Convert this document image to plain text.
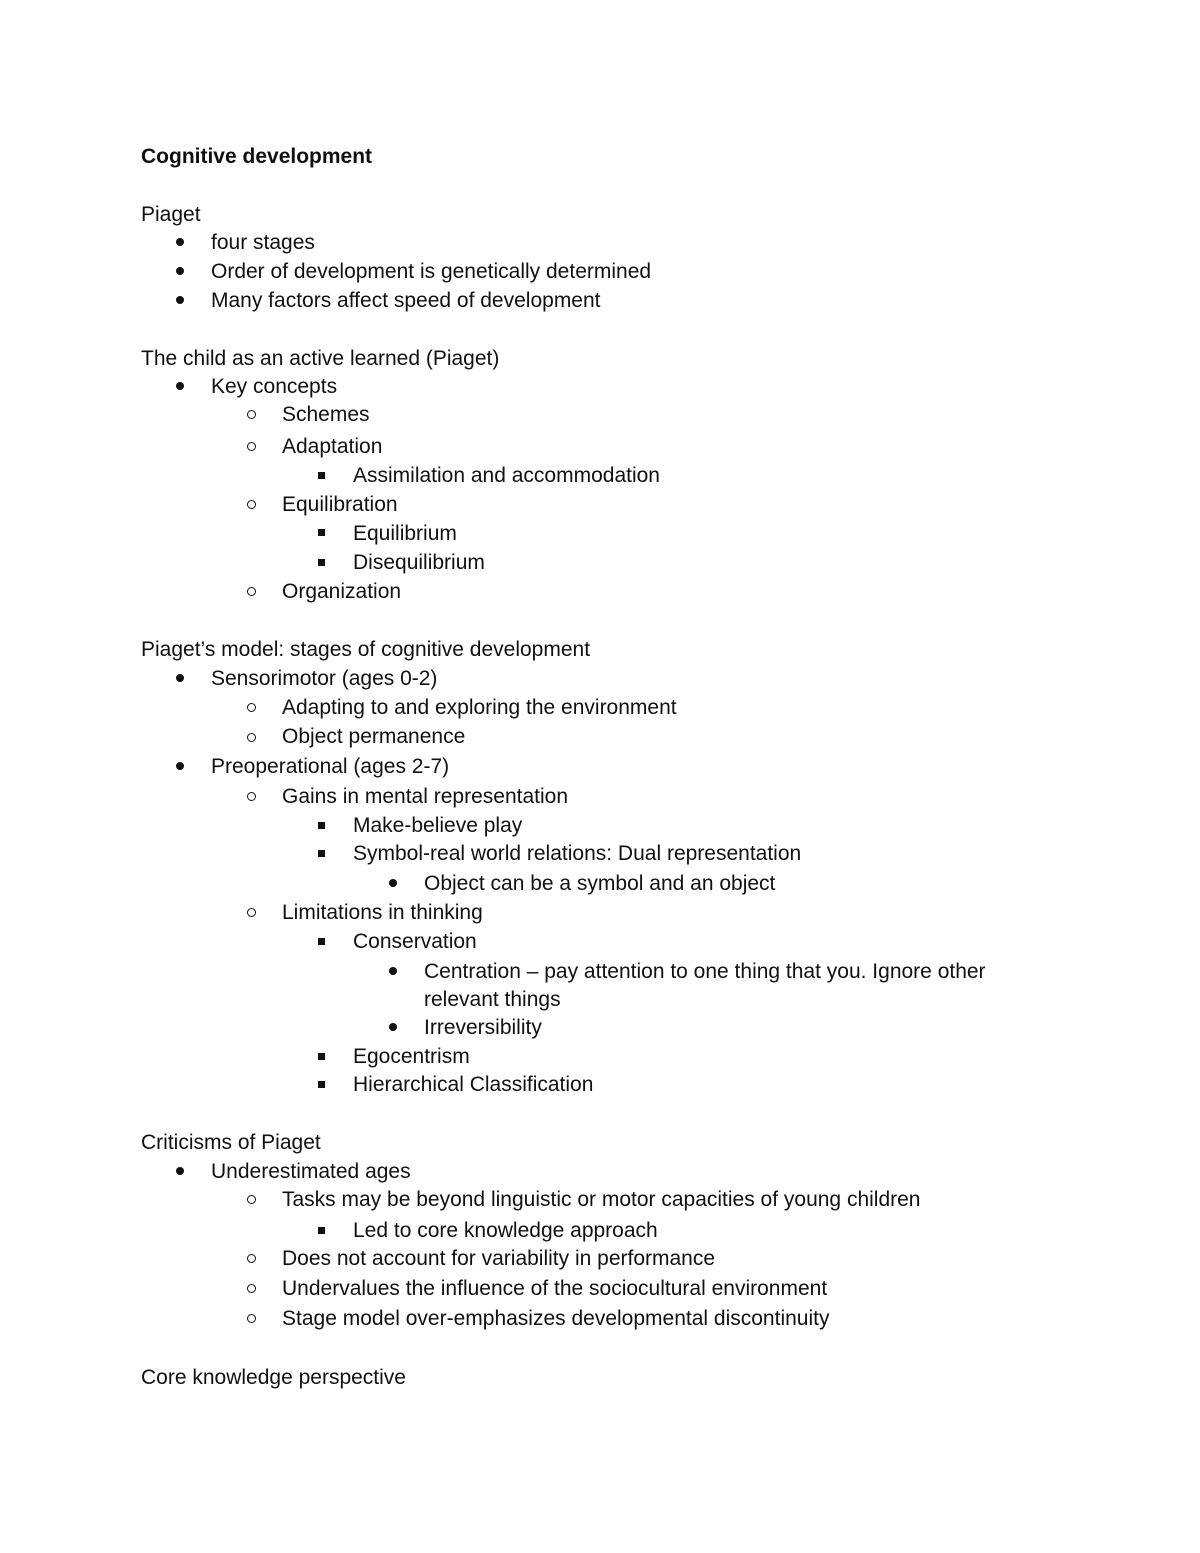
Cognitive development
Piaget
four stages
Order of development is genetically determined
Many factors affect speed of development
The child as an active learned (Piaget)
Key concepts
Schemes
Adaptation
Assimilation and accommodation
Equilibration
Equilibrium
Disequilibrium
Organization
Piaget’s model: stages of cognitive development
Sensorimotor (ages 0-2)
Adapting to and exploring the environment
Object permanence
Preoperational (ages 2-7)
Gains in mental representation
Make-believe play
Symbol-real world relations: Dual representation
Object can be a symbol and an object
Limitations in thinking
Conservation
Centration – pay attention to one thing that you. Ignore other
relevant things
Irreversibility
Egocentrism
Hierarchical Classification
Criticisms of Piaget
Underestimated ages
Tasks may be beyond linguistic or motor capacities of young children
Led to core knowledge approach
Does not account for variability in performance
Undervalues the influence of the sociocultural environment
Stage model over-emphasizes developmental discontinuity
Core knowledge perspective
